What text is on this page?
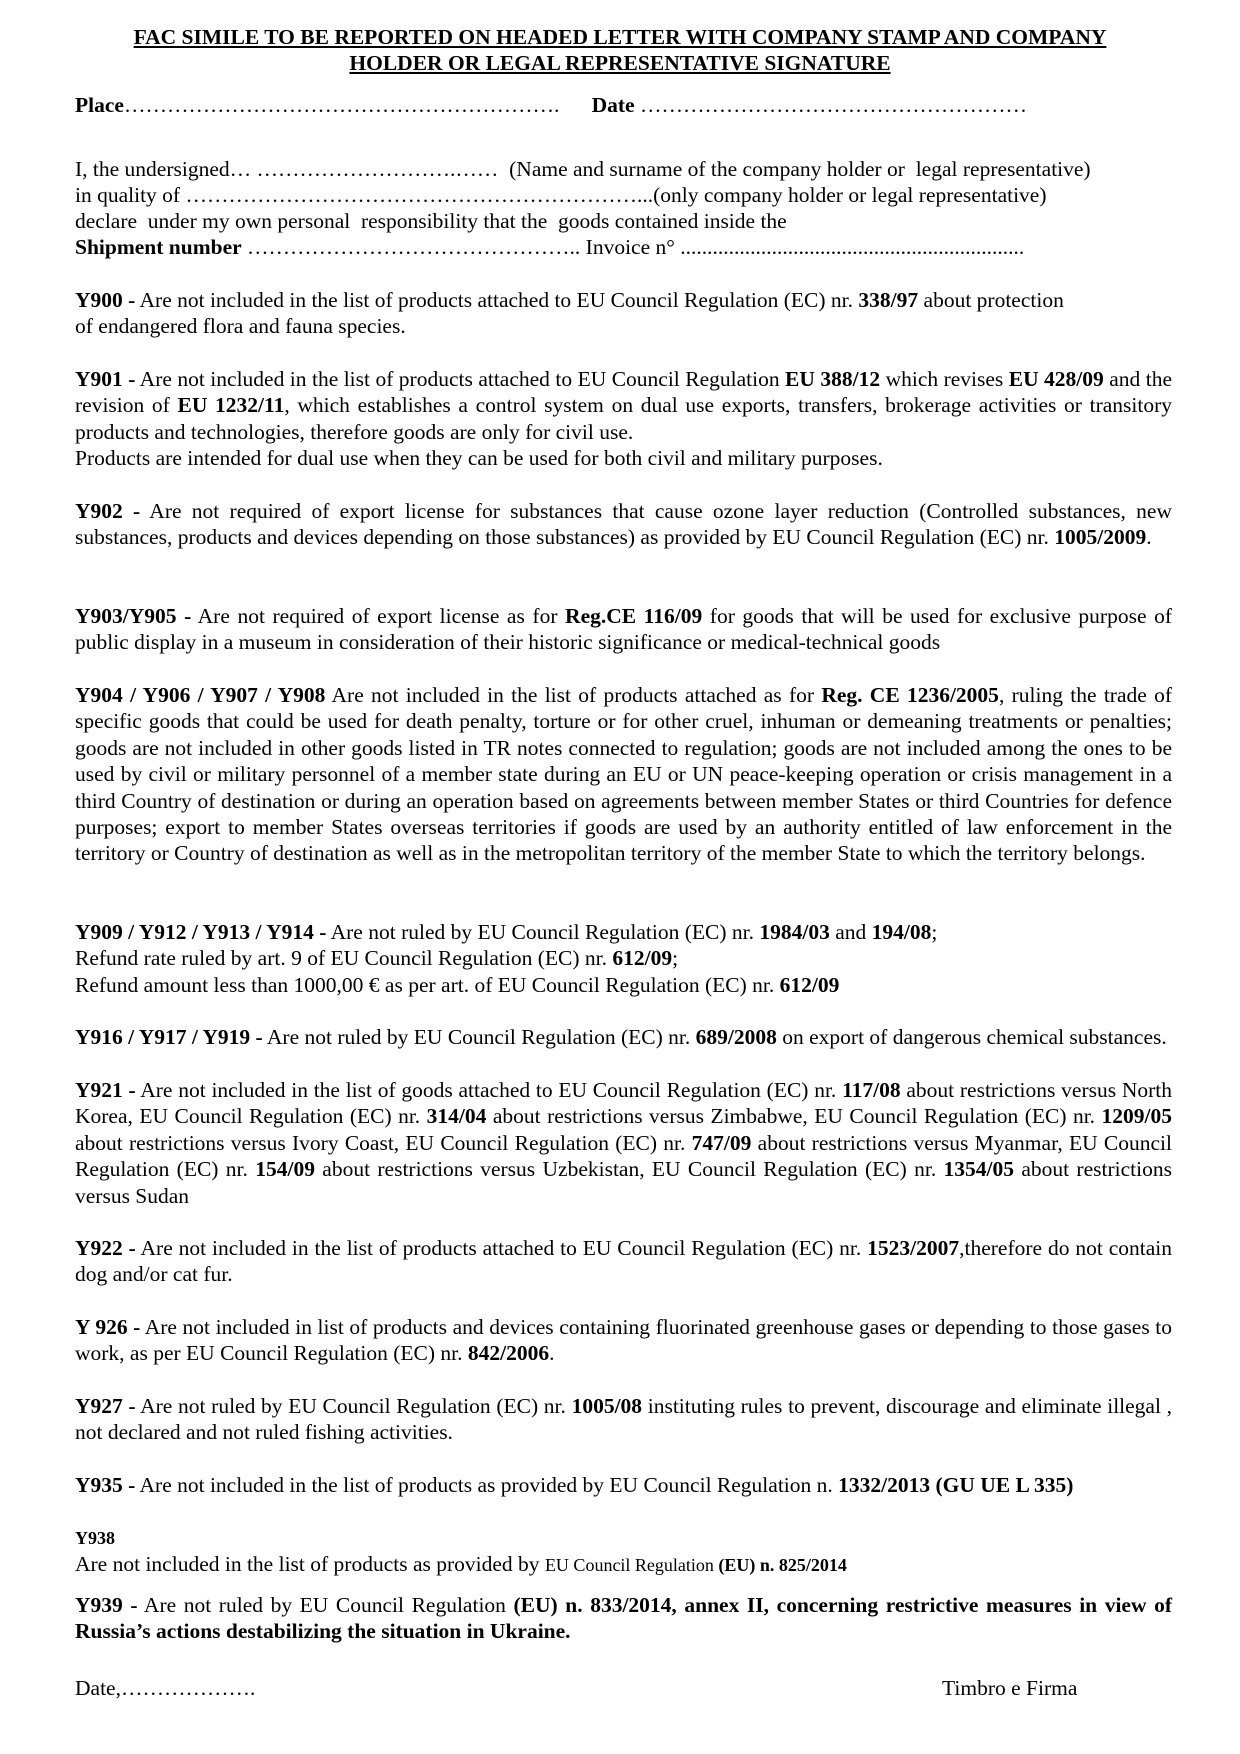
FAC SIMILE TO BE REPORTED ON HEADED LETTER WITH COMPANY STAMP AND COMPANY
HOLDER OR LEGAL REPRESENTATIVE SIGNATURE
Place……………………………………………………. Date ………………………………………………
I, the undersigned… ……………………….……  (Name and surname of the company holder or  legal representative)
in quality of ………………………………………………………...(only company holder or legal representative)
declare  under my own personal  responsibility that the  goods contained inside the
Shipment number ……………………………………….. Invoice n° ................................................................
Y900 - Are not included in the list of products attached to EU Council Regulation (EC) nr. 338/97 about protection
of endangered flora and fauna species.
Y901 - Are not included in the list of products attached to EU Council Regulation EU 388/12 which revises EU 428/09 and the revision of EU 1232/11, which establishes a control system on dual use exports, transfers, brokerage activities or transitory products and technologies, therefore goods are only for civil use.
Products are intended for dual use when they can be used for both civil and military purposes.
Y902 - Are not required of export license for substances that cause ozone layer reduction (Controlled substances, new substances, products and devices depending on those substances) as provided by EU Council Regulation (EC) nr. 1005/2009.
Y903/Y905 - Are not required of export license as for Reg.CE 116/09 for goods that will be used for exclusive purpose of public display in a museum in consideration of their historic significance or medical-technical goods
Y904 / Y906 / Y907 / Y908 Are not included in the list of products attached as for Reg. CE 1236/2005, ruling the trade of specific goods that could be used for death penalty, torture or for other cruel, inhuman or demeaning treatments or penalties; goods are not included in other goods listed in TR notes connected to regulation; goods are not included among the ones to be used by civil or military personnel of a member state during an EU or UN peace-keeping operation or crisis management in a third Country of destination or during an operation based on agreements between member States or third Countries for defence purposes; export to member States overseas territories if goods are used by an authority entitled of law enforcement in the territory or Country of destination as well as in the metropolitan territory of the member State to which the territory belongs.
Y909 / Y912 / Y913 / Y914 - Are not ruled by EU Council Regulation (EC) nr. 1984/03 and 194/08;
Refund rate ruled by art. 9 of EU Council Regulation (EC) nr. 612/09;
Refund amount less than 1000,00 € as per art. of EU Council Regulation (EC) nr. 612/09
Y916 / Y917 / Y919 - Are not ruled by EU Council Regulation (EC) nr. 689/2008 on export of dangerous chemical substances.
Y921 - Are not included in the list of goods attached to EU Council Regulation (EC) nr. 117/08 about restrictions versus North Korea, EU Council Regulation (EC) nr. 314/04 about restrictions versus Zimbabwe, EU Council Regulation (EC) nr. 1209/05 about restrictions versus Ivory Coast, EU Council Regulation (EC) nr. 747/09 about restrictions versus Myanmar, EU Council Regulation (EC) nr. 154/09 about restrictions versus Uzbekistan, EU Council Regulation (EC) nr. 1354/05 about restrictions versus Sudan
Y922 - Are not included in the list of products attached to EU Council Regulation (EC) nr. 1523/2007,therefore do not contain dog and/or cat fur.
Y 926 - Are not included in list of products and devices containing fluorinated greenhouse gases or depending to those gases to work, as per EU Council Regulation (EC) nr. 842/2006.
Y927 - Are not ruled by EU Council Regulation (EC) nr. 1005/08 instituting rules to prevent, discourage and eliminate illegal , not declared and not ruled fishing activities.
Y935 - Are not included in the list of products as provided by EU Council Regulation n. 1332/2013 (GU UE L 335)
Y938
Are not included in the list of products as provided by EU Council Regulation (EU) n. 825/2014
Y939 - Are not ruled by EU Council Regulation (EU) n. 833/2014, annex II, concerning restrictive measures in view of Russia’s actions destabilizing the situation in Ukraine.
Date,……………….	Timbro e Firma
